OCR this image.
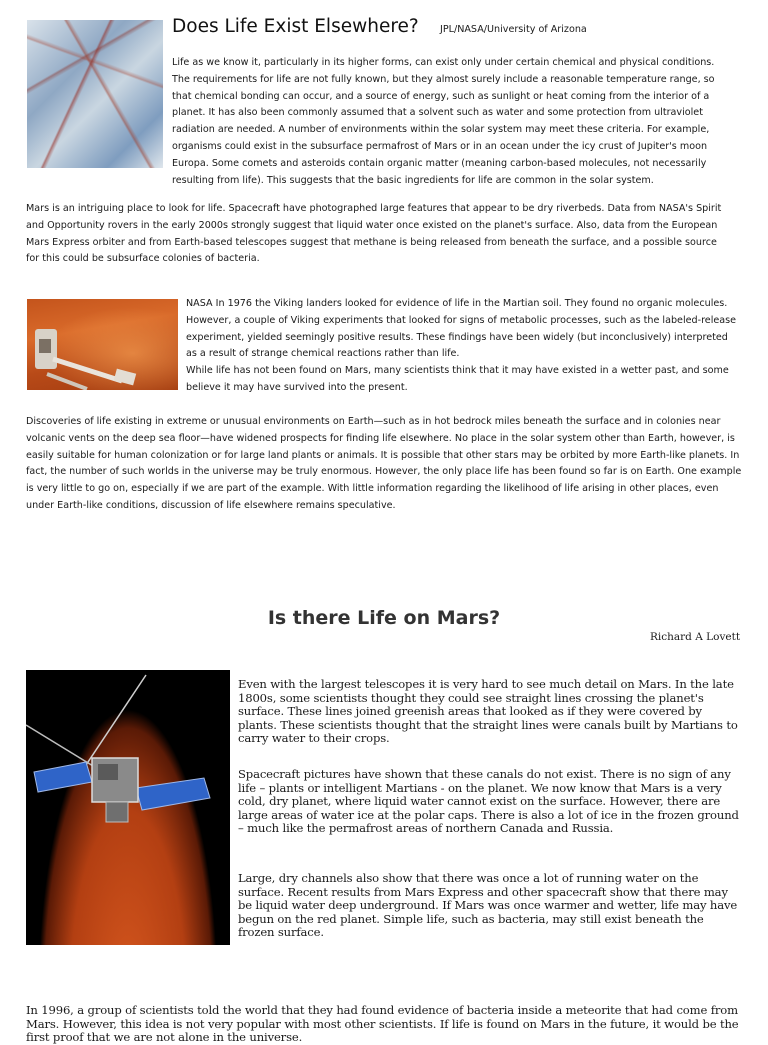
Does Life Exist Elsewhere? JPL/NASA/University of Arizona

Life as we know it, particularly in its higher forms, can exist only under certain chemical and physical conditions. The requirements for life are not fully known, but they almost surely include a reasonable temperature range, so that chemical bonding can occur, and a source of energy, such as sunlight or heat coming from the interior of a planet. It has also been commonly assumed that a solvent such as water and some protection from ultraviolet radiation are needed. A number of environments within the solar system may meet these criteria. For example, organisms could exist in the subsurface permafrost of Mars or in an ocean under the icy crust of Jupiter's moon Europa. Some comets and asteroids contain organic matter (meaning carbon-based molecules, not necessarily resulting from life). This suggests that the basic ingredients for life are common in the solar system.

Mars is an intriguing place to look for life. Spacecraft have photographed large features that appear to be dry riverbeds. Data from NASA's Spirit and Opportunity rovers in the early 2000s strongly suggest that liquid water once existed on the planet's surface. Also, data from the European Mars Express orbiter and from Earth-based telescopes suggest that methane is being released from beneath the surface, and a possible source for this could be subsurface colonies of bacteria.

NASA In 1976 the Viking landers looked for evidence of life in the Martian soil. They found no organic molecules. However, a couple of Viking experiments that looked for signs of metabolic processes, such as the labeled-release experiment, yielded seemingly positive results. These findings have been widely (but inconclusively) interpreted as a result of strange chemical reactions rather than life.
While life has not been found on Mars, many scientists think that it may have existed in a wetter past, and some believe it may have survived into the present.

Discoveries of life existing in extreme or unusual environments on Earth—such as in hot bedrock miles beneath the surface and in colonies near volcanic vents on the deep sea floor—have widened prospects for finding life elsewhere. No place in the solar system other than Earth, however, is easily suitable for human colonization or for large land plants or animals. It is possible that other stars may be orbited by more Earth-like planets. In fact, the number of such worlds in the universe may be truly enormous. However, the only place life has been found so far is on Earth. One example is very little to go on, especially if we are part of the example. With little information regarding the likelihood of life arising in other places, even under Earth-like conditions, discussion of life elsewhere remains speculative.

Is there Life on Mars?
Richard A Lovett

Even with the largest telescopes it is very hard to see much detail on Mars. In the late 1800s, some scientists thought they could see straight lines crossing the planet's surface. These lines joined greenish areas that looked as if they were covered by plants. These scientists thought that the straight lines were canals built by Martians to carry water to their crops.

Spacecraft pictures have shown that these canals do not exist. There is no sign of any life – plants or intelligent Martians - on the planet. We now know that Mars is a very cold, dry planet, where liquid water cannot exist on the surface. However, there are large areas of water ice at the polar caps. There is also a lot of ice in the frozen ground – much like the permafrost areas of northern Canada and Russia.

Large, dry channels also show that there was once a lot of running water on the surface. Recent results from Mars Express and other spacecraft show that there may be liquid water deep underground. If Mars was once warmer and wetter, life may have begun on the red planet. Simple life, such as bacteria, may still exist beneath the frozen surface.

In 1996, a group of scientists told the world that they had found evidence of bacteria inside a meteorite that had come from Mars. However, this idea is not very popular with most other scientists. If life is found on Mars in the future, it would be the first proof that we are not alone in the universe.
